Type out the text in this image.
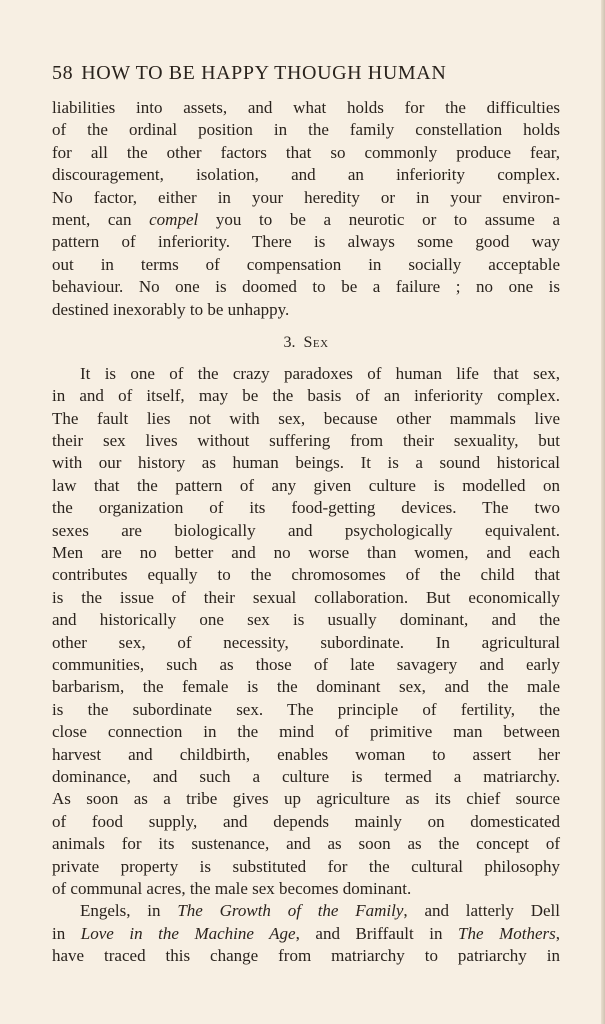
58 HOW TO BE HAPPY THOUGH HUMAN
liabilities into assets, and what holds for the difficulties
of the ordinal position in the family constellation holds
for all the other factors that so commonly produce fear,
discouragement, isolation, and an inferiority complex.
No factor, either in your heredity or in your environ-
ment, can compel you to be a neurotic or to assume a
pattern of inferiority. There is always some good way
out in terms of compensation in socially acceptable
behaviour. No one is doomed to be a failure ; no one is
destined inexorably to be unhappy.
3. Sex
It is one of the crazy paradoxes of human life that sex,
in and of itself, may be the basis of an inferiority complex.
The fault lies not with sex, because other mammals live
their sex lives without suffering from their sexuality, but
with our history as human beings. It is a sound historical
law that the pattern of any given culture is modelled on
the organization of its food-getting devices. The two
sexes are biologically and psychologically equivalent.
Men are no better and no worse than women, and each
contributes equally to the chromosomes of the child that
is the issue of their sexual collaboration. But economically
and historically one sex is usually dominant, and the
other sex, of necessity, subordinate. In agricultural
communities, such as those of late savagery and early
barbarism, the female is the dominant sex, and the male
is the subordinate sex. The principle of fertility, the
close connection in the mind of primitive man between
harvest and childbirth, enables woman to assert her
dominance, and such a culture is termed a matriarchy.
As soon as a tribe gives up agriculture as its chief source
of food supply, and depends mainly on domesticated
animals for its sustenance, and as soon as the concept of
private property is substituted for the cultural philosophy
of communal acres, the male sex becomes dominant.
Engels, in The Growth of the Family, and latterly Dell
in Love in the Machine Age, and Briffault in The Mothers,
have traced this change from matriarchy to patriarchy in
